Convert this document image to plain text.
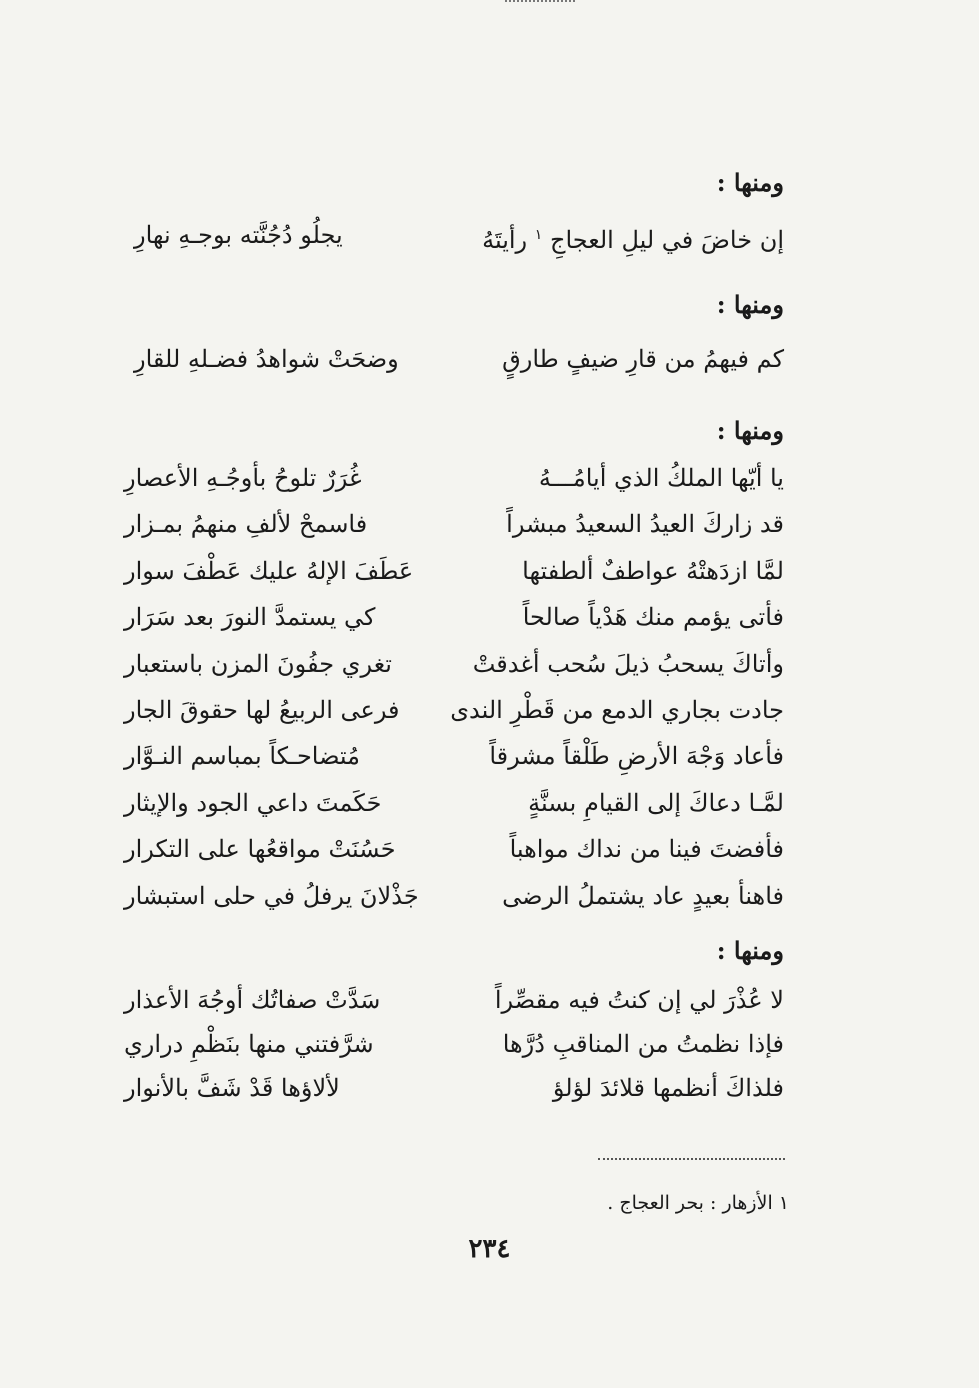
ومنها :
إن خاضَ في ليلِ العجاجِ $^١$ رأيتَهُ
يجلُو دُجُنَّته بوجـهِ نهارِ
ومنها :
كم فيهمُ من قارِ ضيفٍ طارقٍ
وضحَتْ شواهدُ فضـلهِ للقارِ
ومنها :
يا أيّها الملكُ الذي أيامُـــهُ
غُرَرٌ تلوحُ بأوجُـهِ الأعصارِ
قد زاركَ العيدُ السعيدُ مبشراً
فاسمحْ لألفِ منهمُ بمـزار
لمَّا ازدَهتْهُ عواطفٌ ألطفتها
عَطَفَ الإلهُ عليك عَطْفَ سوار
فأتى يؤمم منك هَدْياً صالحاً
كي يستمدَّ النورَ بعد سَرَار
وأتاكَ يسحبُ ذيلَ سُحب أغدقتْ
تغري جفُونَ المزن باستعبار
جادت بجاري الدمع من قَطْرِ الندى
فرعى الربيعُ لها حقوقَ الجار
فأعاد وَجْهَ الأرضِ طَلْقاً مشرقاً
مُتضاحـكاً بمباسم النـوَّار
لمَّـا دعاكَ إلى القيامِ بسنَّةٍ
حَكَمتَ داعي الجود والإيثار
فأفضتَ فينا من نداك مواهباً
حَسُنَتْ مواقعُها على التكرار
فاهنأ بعيدٍ عاد يشتملُ الرضى
جَذْلانَ يرفلُ في حلى استبشار
ومنها :
لا عُذْرَ لي إن كنتُ فيه مقصِّراً
سَدَّتْ صفاتُك أوجُهَ الأعذار
فإذا نظمتُ من المناقبِ دُرَّها
شرَّفتني منها بنَظْمِ دراري
فلذاكَ أنظمها قلائدَ لؤلؤ
لألاؤها قَدْ شَفَّ بالأنوار
١ الأزهار : بحر العجاج .
٢٣٤
